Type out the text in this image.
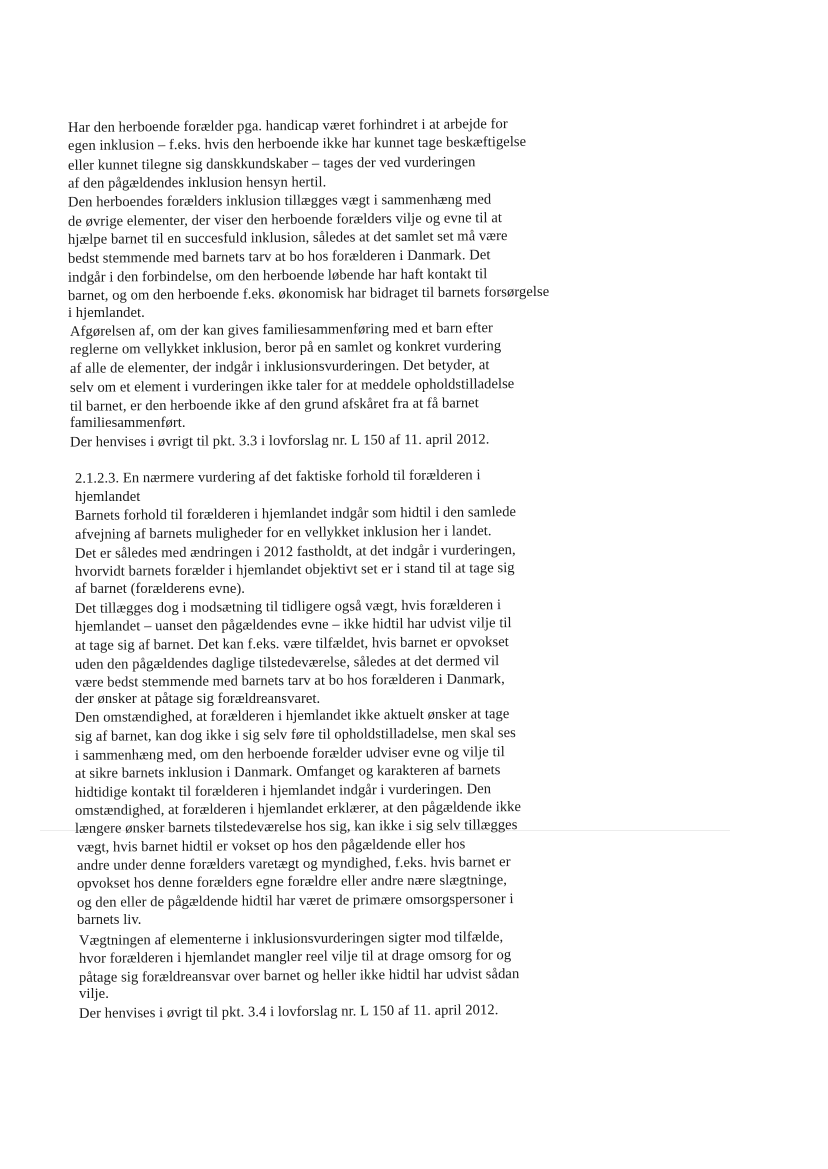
Har den herboende forælder pga. handicap været forhindret i at arbejde for
egen inklusion – f.eks. hvis den herboende ikke har kunnet tage beskæftigelse
eller kunnet tilegne sig danskkundskaber – tages der ved vurderingen
af den pågældendes inklusion hensyn hertil.
Den herboendes forælders inklusion tillægges vægt i sammenhæng med
de øvrige elementer, der viser den herboende forælders vilje og evne til at
hjælpe barnet til en succesfuld inklusion, således at det samlet set må være
bedst stemmende med barnets tarv at bo hos forælderen i Danmark. Det
indgår i den forbindelse, om den herboende løbende har haft kontakt til
barnet, og om den herboende f.eks. økonomisk har bidraget til barnets forsørgelse
i hjemlandet.
Afgørelsen af, om der kan gives familiesammenføring med et barn efter
reglerne om vellykket inklusion, beror på en samlet og konkret vurdering
af alle de elementer, der indgår i inklusionsvurderingen. Det betyder, at
selv om et element i vurderingen ikke taler for at meddele opholdstilladelse
til barnet, er den herboende ikke af den grund afskåret fra at få barnet
familiesammenført.
Der henvises i øvrigt til pkt. 3.3 i lovforslag nr. L 150 af 11. april 2012.
2.1.2.3. En nærmere vurdering af det faktiske forhold til forælderen i
hjemlandet
Barnets forhold til forælderen i hjemlandet indgår som hidtil i den samlede
afvejning af barnets muligheder for en vellykket inklusion her i landet.
Det er således med ændringen i 2012 fastholdt, at det indgår i vurderingen,
hvorvidt barnets forælder i hjemlandet objektivt set er i stand til at tage sig
af barnet (forælderens evne).
Det tillægges dog i modsætning til tidligere også vægt, hvis forælderen i
hjemlandet – uanset den pågældendes evne – ikke hidtil har udvist vilje til
at tage sig af barnet. Det kan f.eks. være tilfældet, hvis barnet er opvokset
uden den pågældendes daglige tilstedeværelse, således at det dermed vil
være bedst stemmende med barnets tarv at bo hos forælderen i Danmark,
der ønsker at påtage sig forældreansvaret.
Den omstændighed, at forælderen i hjemlandet ikke aktuelt ønsker at tage
sig af barnet, kan dog ikke i sig selv føre til opholdstilladelse, men skal ses
i sammenhæng med, om den herboende forælder udviser evne og vilje til
at sikre barnets inklusion i Danmark. Omfanget og karakteren af barnets
hidtidige kontakt til forælderen i hjemlandet indgår i vurderingen. Den
omstændighed, at forælderen i hjemlandet erklærer, at den pågældende ikke
længere ønsker barnets tilstedeværelse hos sig, kan ikke i sig selv tillægges
vægt, hvis barnet hidtil er vokset op hos den pågældende eller hos
andre under denne forælders varetægt og myndighed, f.eks. hvis barnet er
opvokset hos denne forælders egne forældre eller andre nære slægtninge,
og den eller de pågældende hidtil har været de primære omsorgspersoner i
barnets liv.
Vægtningen af elementerne i inklusionsvurderingen sigter mod tilfælde,
hvor forælderen i hjemlandet mangler reel vilje til at drage omsorg for og
påtage sig forældreansvar over barnet og heller ikke hidtil har udvist sådan
vilje.
Der henvises i øvrigt til pkt. 3.4 i lovforslag nr. L 150 af 11. april 2012.
